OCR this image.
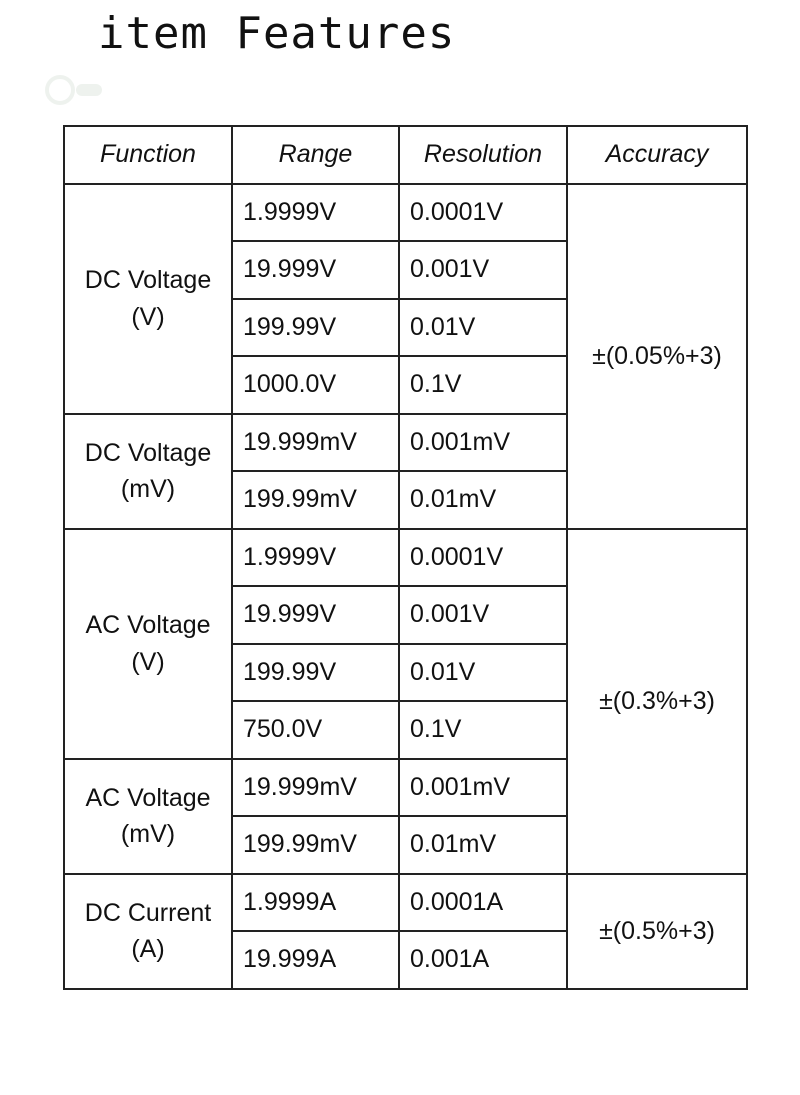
item Features
Function	Range	Resolution	Accuracy
DC Voltage
(V)	1.9999V	0.0001V	±(0.05%+3)
	19.999V	0.001V	
	199.99V	0.01V	
	1000.0V	0.1V	
DC Voltage
(mV)	19.999mV	0.001mV	
	199.99mV	0.01mV	
AC Voltage
(V)	1.9999V	0.0001V	±(0.3%+3)
	19.999V	0.001V	
	199.99V	0.01V	
	750.0V	0.1V	
AC Voltage
(mV)	19.999mV	0.001mV	
	199.99mV	0.01mV	
DC Current
(A)	1.9999A	0.0001A	±(0.5%+3)
	19.999A	0.001A	
